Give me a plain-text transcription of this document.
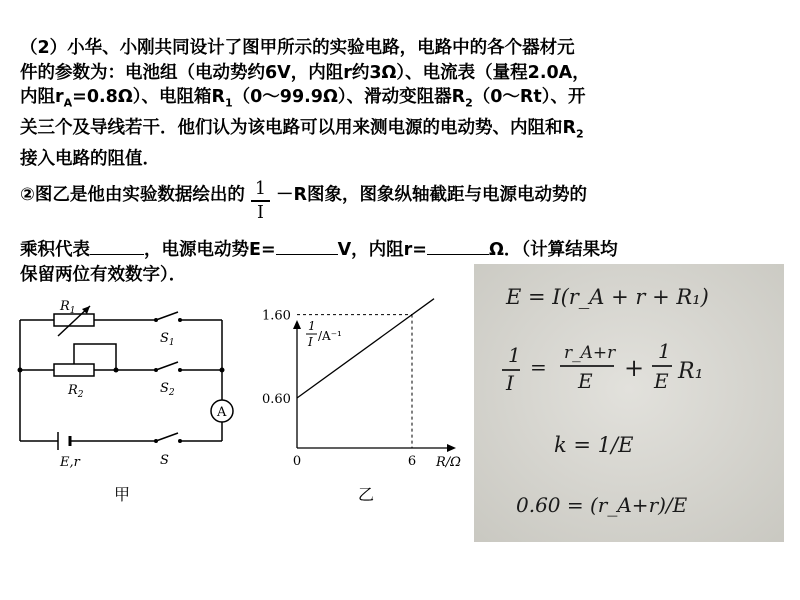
（2）小华、小刚共同设计了图甲所示的实验电路，电路中的各个器材元
件的参数为：电池组（电动势约6V，内阻r约3Ω）、电流表（量程2.0A，
内阻$r_A=0.8\Omega$）、电阻箱$R_1(0\sim 99.9\Omega)$、滑动变阻器$R_2(0\sim Rt)$、开
关三个及导线若干．他们认为该电路可以用来测电源的电动势、内阻和$R_2$
接入电路的阻值．
②图乙是他由实验数据绘出的 $\frac{1}{I} -R$图象，图象纵轴截距与电源电动势的
乘积代表	，电源电动势E=	V，内阻r=	Ω．（计算结果均
保留两位有效数字）．
$R_1$
$R_2$
$S_1$
$S_2$
S
E,r
A
甲
1.60
0.60
0	6 R/Ω
1
I /A⁻¹
乙
E = I(r_A + r + R₁)
1
I
=
r_A+r
E +
1
E R₁
k = 1/E
0.60 = (r_A+r)/E
